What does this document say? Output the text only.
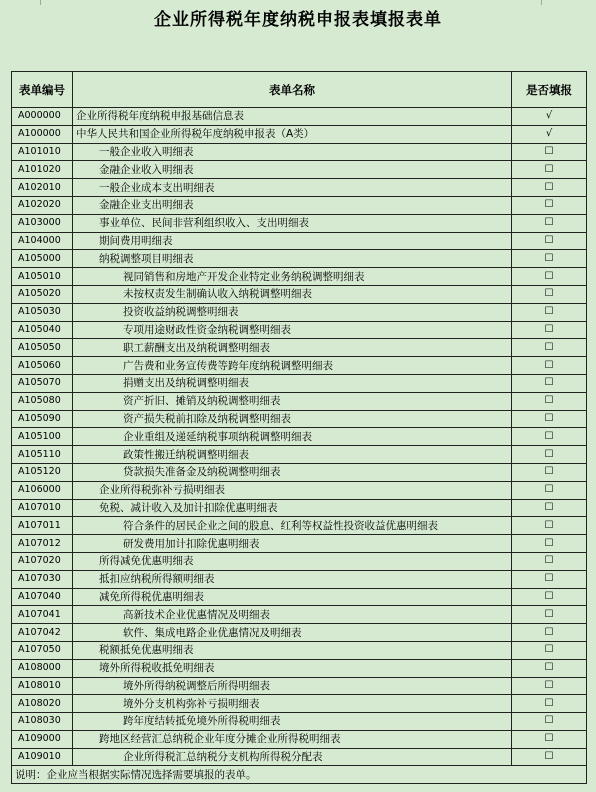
企业所得税年度纳税申报表填报表单
表单编号	表单名称	是否填报
A000000	企业所得税年度纳税申报基础信息表	√
A100000	中华人民共和国企业所得税年度纳税申报表（A类）	√
A101010	一般企业收入明细表	☐
A101020	金融企业收入明细表	☐
A102010	一般企业成本支出明细表	☐
A102020	金融企业支出明细表	☐
A103000	事业单位、民间非营利组织收入、支出明细表	☐
A104000	期间费用明细表	☐
A105000	纳税调整项目明细表	☐
A105010	视同销售和房地产开发企业特定业务纳税调整明细表	☐
A105020	未按权责发生制确认收入纳税调整明细表	☐
A105030	投资收益纳税调整明细表	☐
A105040	专项用途财政性资金纳税调整明细表	☐
A105050	职工薪酬支出及纳税调整明细表	☐
A105060	广告费和业务宣传费等跨年度纳税调整明细表	☐
A105070	捐赠支出及纳税调整明细表	☐
A105080	资产折旧、摊销及纳税调整明细表	☐
A105090	资产损失税前扣除及纳税调整明细表	☐
A105100	企业重组及递延纳税事项纳税调整明细表	☐
A105110	政策性搬迁纳税调整明细表	☐
A105120	贷款损失准备金及纳税调整明细表	☐
A106000	企业所得税弥补亏损明细表	☐
A107010	免税、减计收入及加计扣除优惠明细表	☐
A107011	符合条件的居民企业之间的股息、红利等权益性投资收益优惠明细表	☐
A107012	研发费用加计扣除优惠明细表	☐
A107020	所得减免优惠明细表	☐
A107030	抵扣应纳税所得额明细表	☐
A107040	减免所得税优惠明细表	☐
A107041	高新技术企业优惠情况及明细表	☐
A107042	软件、集成电路企业优惠情况及明细表	☐
A107050	税额抵免优惠明细表	☐
A108000	境外所得税收抵免明细表	☐
A108010	境外所得纳税调整后所得明细表	☐
A108020	境外分支机构弥补亏损明细表	☐
A108030	跨年度结转抵免境外所得税明细表	☐
A109000	跨地区经营汇总纳税企业年度分摊企业所得税明细表	☐
A109010	企业所得税汇总纳税分支机构所得税分配表	☐
说明：企业应当根据实际情况选择需要填报的表单。		
